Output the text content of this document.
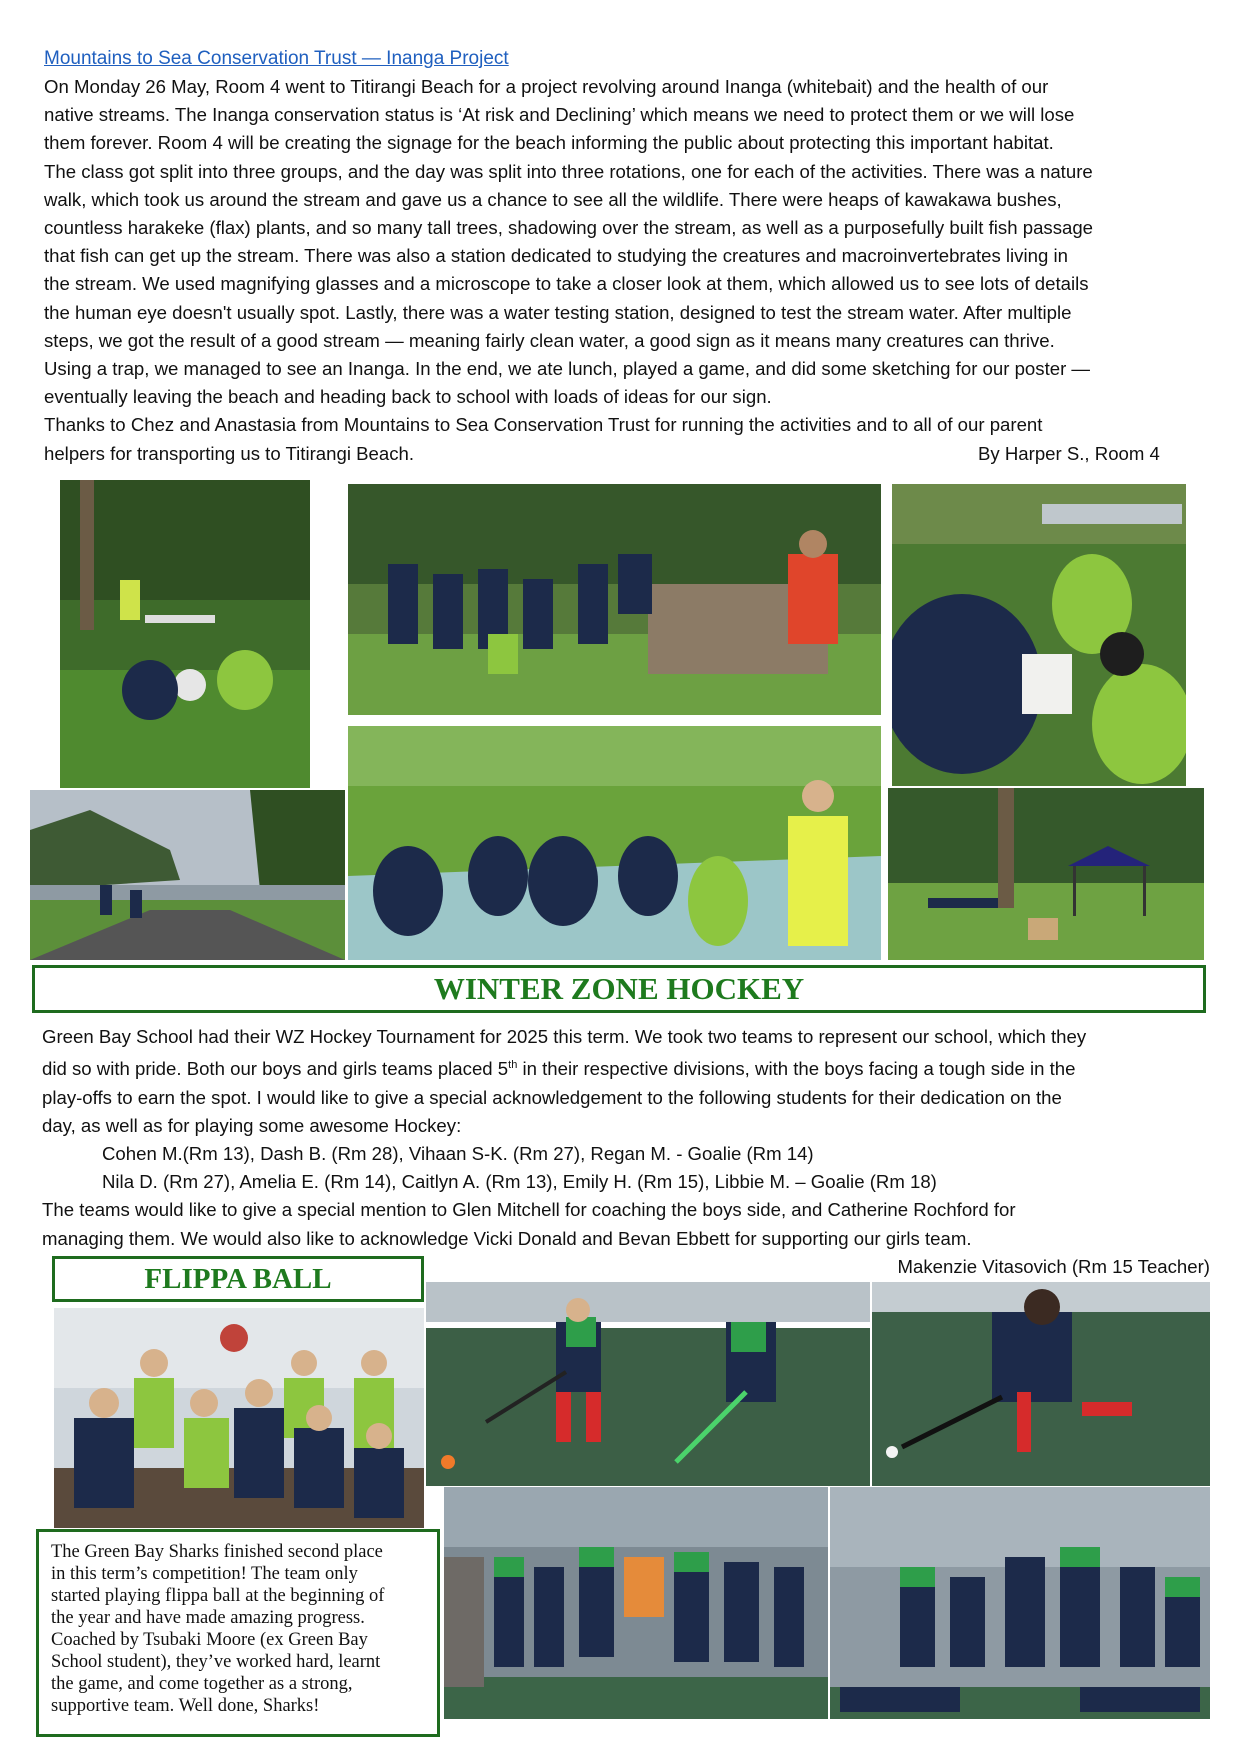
Mountains to Sea Conservation Trust — Inanga Project

On Monday 26 May, Room 4 went to Titirangi Beach for a project revolving around Inanga (whitebait) and the health of our

native streams. The Inanga conservation status is ‘At risk and Declining’ which means we need to protect them or we will lose

them forever. Room 4 will be creating the signage for the beach informing the public about protecting this important habitat.

The class got split into three groups, and the day was split into three rotations, one for each of the activities. There was a nature

walk, which took us around the stream and gave us a chance to see all the wildlife. There were heaps of kawakawa bushes,

countless harakeke (flax) plants, and so many tall trees, shadowing over the stream, as well as a purposefully built fish passage

that fish can get up the stream. There was also a station dedicated to studying the creatures and macroinvertebrates living in

the stream. We used magnifying glasses and a microscope to take a closer look at them, which allowed us to see lots of details

the human eye doesn't usually spot. Lastly, there was a water testing station, designed to test the stream water. After multiple

steps, we got the result of a good stream — meaning fairly clean water, a good sign as it means many creatures can thrive.

Using a trap, we managed to see an Inanga. In the end, we ate lunch, played a game, and did some sketching for our poster —

eventually leaving the beach and heading back to school with loads of ideas for our sign.

Thanks to Chez and Anastasia from Mountains to Sea Conservation Trust for running the activities and to all of our parent

helpers for transporting us to Titirangi Beach.	By Harper S., Room 4

WINTER ZONE HOCKEY

Green Bay School had their WZ Hockey Tournament for 2025 this term. We took two teams to represent our school, which they

did so with pride. Both our boys and girls teams placed 5th in their respective divisions, with the boys facing a tough side in the

play-offs to earn the spot. I would like to give a special acknowledgement to the following students for their dedication on the

day, as well as for playing some awesome Hockey:

Cohen M.(Rm 13), Dash B. (Rm 28), Vihaan S-K. (Rm 27), Regan M. - Goalie (Rm 14)

Nila D. (Rm 27), Amelia E. (Rm 14), Caitlyn A. (Rm 13), Emily H. (Rm 15), Libbie M. – Goalie (Rm 18)

The teams would like to give a special mention to Glen Mitchell for coaching the boys side, and Catherine Rochford for

managing them. We would also like to acknowledge Vicki Donald and Bevan Ebbett for supporting our girls team.

Makenzie Vitasovich (Rm 15 Teacher)

FLIPPA BALL
The Green Bay Sharks finished second place
in this term’s competition! The team only
started playing flippa ball at the beginning of
the year and have made amazing progress.
Coached by Tsubaki Moore (ex Green Bay
School student), they’ve worked hard, learnt
the game, and come together as a strong,
supportive team. Well done, Sharks!
